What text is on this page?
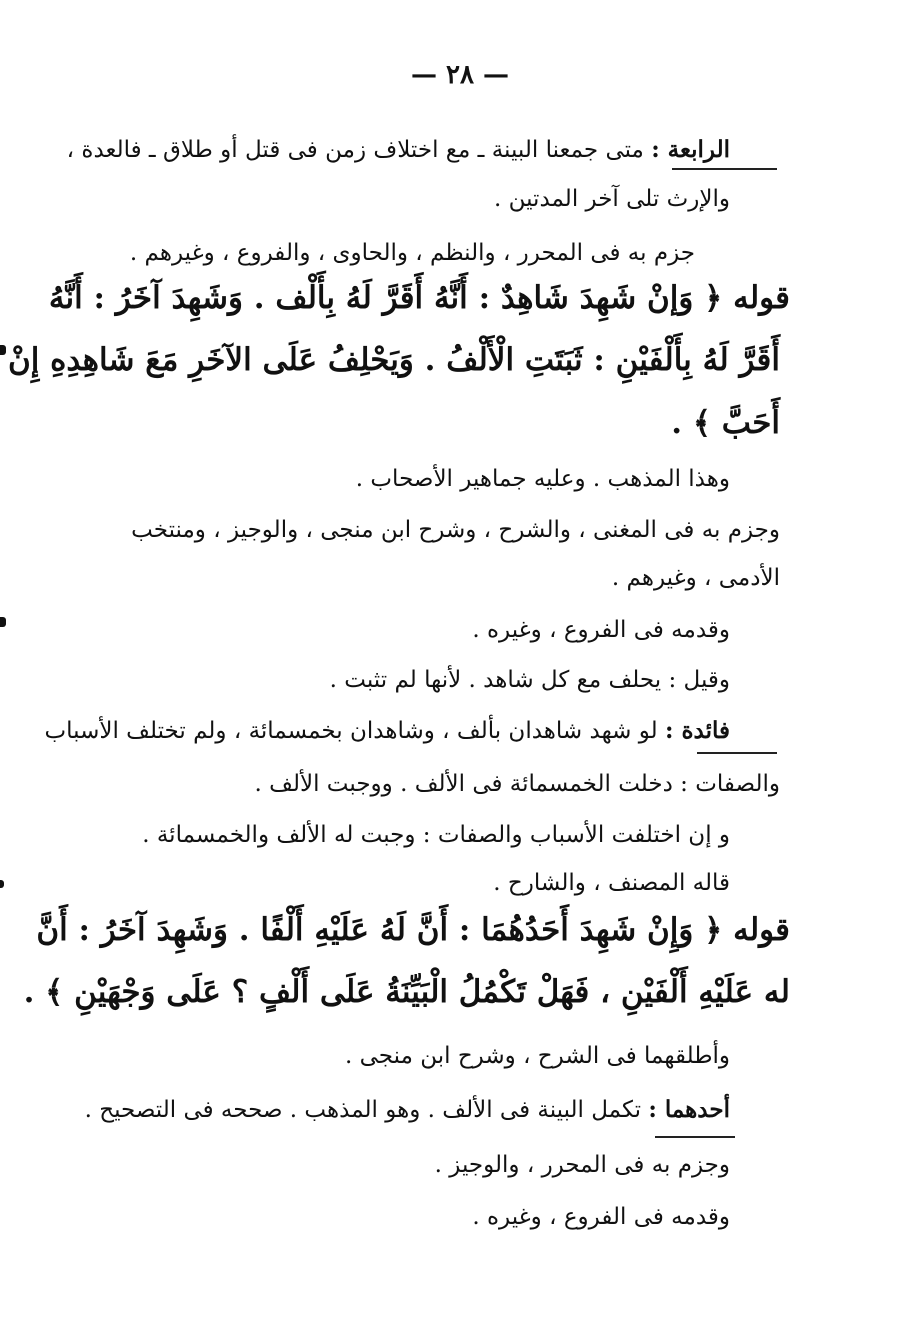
— ٢٨ —
الرابعة : متى جمعنا البينة ـ مع اختلاف زمن فى قتل أو طلاق ـ فالعدة ،
والإرث تلى آخر المدتين .
جزم به فى المحرر ، والنظم ، والحاوى ، والفروع ، وغيرهم .
قوله ﴿ وَإنْ شَهِدَ شَاهِدٌ : أَنَّهُ أَقَرَّ لَهُ بِأَلْف . وَشَهِدَ آخَرُ : أَنَّهُ
أَقَرَّ لَهُ بِأَلْفَيْنِ : ثَبَتَتِ الْأَلْفُ . وَيَحْلِفُ عَلَى الآخَرِ مَعَ شَاهِدِهِ إِنْ
أَحَبَّ ﴾ .
وهذا المذهب . وعليه جماهير الأصحاب .
وجزم به فى المغنى ، والشرح ، وشرح ابن منجى ، والوجيز ، ومنتخب
الأدمى ، وغيرهم .
وقدمه فى الفروع ، وغيره .
وقيل : يحلف مع كل شاهد . لأنها لم تثبت .
فائدة : لو شهد شاهدان بألف ، وشاهدان بخمسمائة ، ولم تختلف الأسباب
والصفات : دخلت الخمسمائة فى الألف . ووجبت الألف .
و إن اختلفت الأسباب والصفات : وجبت له الألف والخمسمائة .
قاله المصنف ، والشارح .
قوله ﴿ وَإِنْ شَهِدَ أَحَدُهُمَا : أَنَّ لَهُ عَلَيْهِ أَلْفًا . وَشَهِدَ آخَرُ : أَنَّ
له عَلَيْهِ أَلْفَيْنِ ، فَهَلْ تَكْمُلُ الْبَيِّنَةُ عَلَى أَلْفٍ ؟ عَلَى وَجْهَيْنِ ﴾ .
وأطلقهما فى الشرح ، وشرح ابن منجى .
أحدهما : تكمل البينة فى الألف . وهو المذهب . صححه فى التصحيح .
وجزم به فى المحرر ، والوجيز .
وقدمه فى الفروع ، وغيره .
